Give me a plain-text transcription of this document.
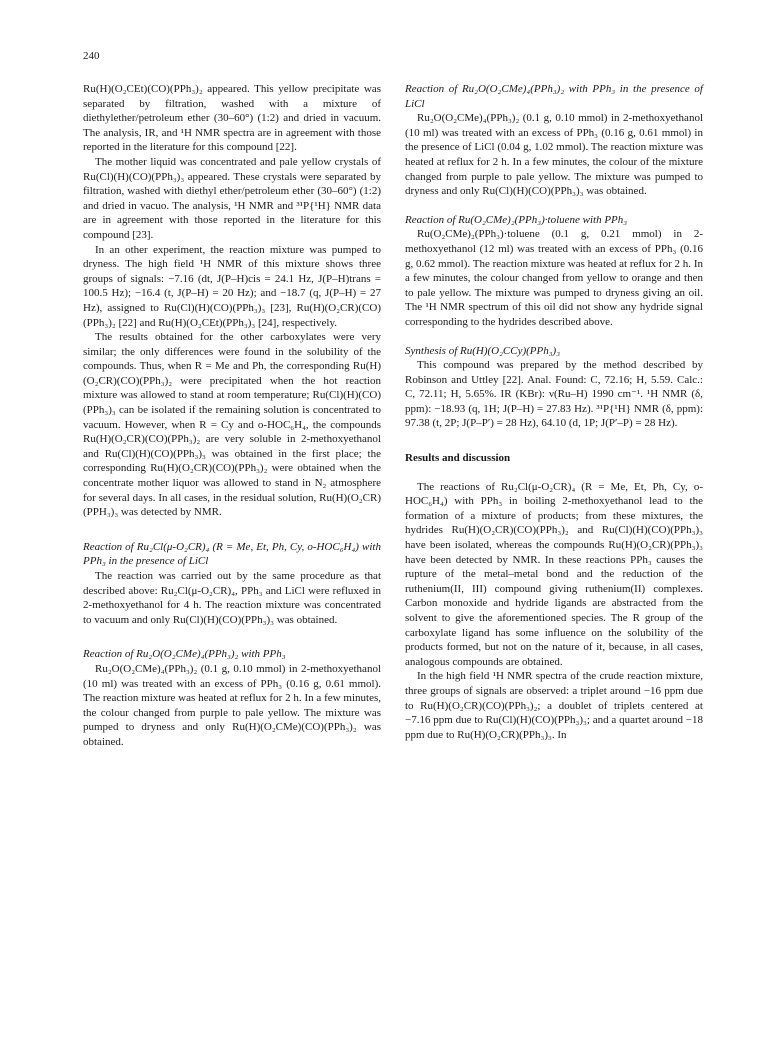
240

Ru(H)(O₂CEt)(CO)(PPh₃)₂ appeared. This yellow precipitate was separated by filtration, washed with a mixture of diethylether/petroleum ether (30–60°) (1:2) and dried in vacuum. The analysis, IR, and ¹H NMR spectra are in agreement with those reported in the literature for this compound [22].

The mother liquid was concentrated and pale yellow crystals of Ru(Cl)(H)(CO)(PPh₃)₃ appeared. These crystals were separated by filtration, washed with diethyl ether/petroleum ether (30–60°) (1:2) and dried in vacuo. The analysis, ¹H NMR and ³¹P{¹H} NMR data are in agreement with those reported in the literature for this compound [23].

In an other experiment, the reaction mixture was pumped to dryness. The high field ¹H NMR of this mixture shows three groups of signals: −7.16 (dt, J(P–H)cis = 24.1 Hz, J(P–H)trans = 100.5 Hz); −16.4 (t, J(P–H) = 20 Hz); and −18.7 (q, J(P–H) = 27 Hz), assigned to Ru(Cl)(H)(CO)(PPh₃)₃ [23], Ru(H)(O₂CR)(CO)(PPh₃)₂ [22] and Ru(H)(O₂CEt)(PPh₃)₃ [24], respectively.

The results obtained for the other carboxylates were very similar; the only differences were found in the solubility of the compounds. Thus, when R = Me and Ph, the corresponding Ru(H)(O₂CR)(CO)(PPh₃)₂ were precipitated when the hot reaction mixture was allowed to stand at room temperature; Ru(Cl)(H)(CO)(PPh₃)₃ can be isolated if the remaining solution is concentrated to vacuum. However, when R = Cy and o-HOC₆H₄, the compounds Ru(H)(O₂CR)(CO)(PPh₃)₂ are very soluble in 2-methoxyethanol and Ru(Cl)(H)(CO)(PPh₃)₃ was obtained in the first place; the corresponding Ru(H)(O₂CR)(CO)(PPh₃)₂ were obtained when the concentrate mother liquor was allowed to stand in N₂ atmosphere for several days. In all cases, in the residual solution, Ru(H)(O₂CR)(PPH₃)₃ was detected by NMR.

Reaction of Ru₂Cl(μ-O₂CR)₄ (R = Me, Et, Ph, Cy, o-HOC₆H₄) with PPh₃ in the presence of LiCl

The reaction was carried out by the same procedure as that described above: Ru₂Cl(μ-O₂CR)₄, PPh₃ and LiCl were refluxed in 2-methoxyethanol for 4 h. The reaction mixture was concentrated to vacuum and only Ru(Cl)(H)(CO)(PPh₃)₃ was obtained.

Reaction of Ru₂O(O₂CMe)₄(PPh₃)₂ with PPh₃

Ru₂O(O₂CMe)₄(PPh₃)₂ (0.1 g, 0.10 mmol) in 2-methoxyethanol (10 ml) was treated with an excess of PPh₃ (0.16 g, 0.61 mmol). The reaction mixture was heated at reflux for 2 h. In a few minutes, the colour changed from purple to pale yellow. The mixture was pumped to dryness and only Ru(H)(O₂CMe)(CO)(PPh₃)₂ was obtained.

Reaction of Ru₂O(O₂CMe)₄(PPh₃)₂ with PPh₃ in the presence of LiCl

Ru₂O(O₂CMe)₄(PPh₃)₂ (0.1 g, 0.10 mmol) in 2-methoxyethanol (10 ml) was treated with an excess of PPh₃ (0.16 g, 0.61 mmol) in the presence of LiCl (0.04 g, 1.02 mmol). The reaction mixture was heated at reflux for 2 h. In a few minutes, the colour of the mixture changed from purple to pale yellow. The mixture was pumped to dryness and only Ru(Cl)(H)(CO)(PPh₃)₃ was obtained.

Reaction of Ru(O₂CMe)₂(PPh₃)·toluene with PPh₃

Ru(O₂CMe)₂(PPh₃)·toluene (0.1 g, 0.21 mmol) in 2-methoxyethanol (12 ml) was treated with an excess of PPh₃ (0.16 g, 0.62 mmol). The reaction mixture was heated at reflux for 2 h. In a few minutes, the colour changed from yellow to orange and then to pale yellow. The mixture was pumped to dryness giving an oil. The ¹H NMR spectrum of this oil did not show any hydride signal corresponding to the hydrides described above.

Synthesis of Ru(H)(O₂CCy)(PPh₃)₃

This compound was prepared by the method described by Robinson and Uttley [22]. Anal. Found: C, 72.16; H, 5.59. Calc.: C, 72.11; H, 5.65%. IR (KBr): ν(Ru–H) 1990 cm⁻¹. ¹H NMR (δ, ppm): −18.93 (q, 1H; J(P–H) = 27.83 Hz). ³¹P{¹H} NMR (δ, ppm): 97.38 (t, 2P; J(P–P′) = 28 Hz), 64.10 (d, 1P; J(P′–P) = 28 Hz).

Results and discussion

The reactions of Ru₂Cl(μ-O₂CR)₄ (R = Me, Et, Ph, Cy, o-HOC₆H₄) with PPh₃ in boiling 2-methoxyethanol lead to the formation of a mixture of products; from these mixtures, the hydrides Ru(H)(O₂CR)(CO)(PPh₃)₂ and Ru(Cl)(H)(CO)(PPh₃)₃ have been isolated, whereas the compounds Ru(H)(O₂CR)(PPh₃)₃ have been detected by NMR. In these reactions PPh₃ causes the rupture of the metal–metal bond and the reduction of the ruthenium(II, III) compound giving ruthenium(II) complexes. Carbon monoxide and hydride ligands are abstracted from the solvent to give the aforementioned species. The R group of the carboxylate ligand has some influence on the solubility of the products formed, but not on the nature of it, because, in all cases, analogous compounds are obtained.

In the high field ¹H NMR spectra of the crude reaction mixture, three groups of signals are observed: a triplet around −16 ppm due to Ru(H)(O₂CR)(CO)(PPh₃)₂; a doublet of triplets centered at −7.16 ppm due to Ru(Cl)(H)(CO)(PPh₃)₃; and a quartet around −18 ppm due to Ru(H)(O₂CR)(PPh₃)₃. In
